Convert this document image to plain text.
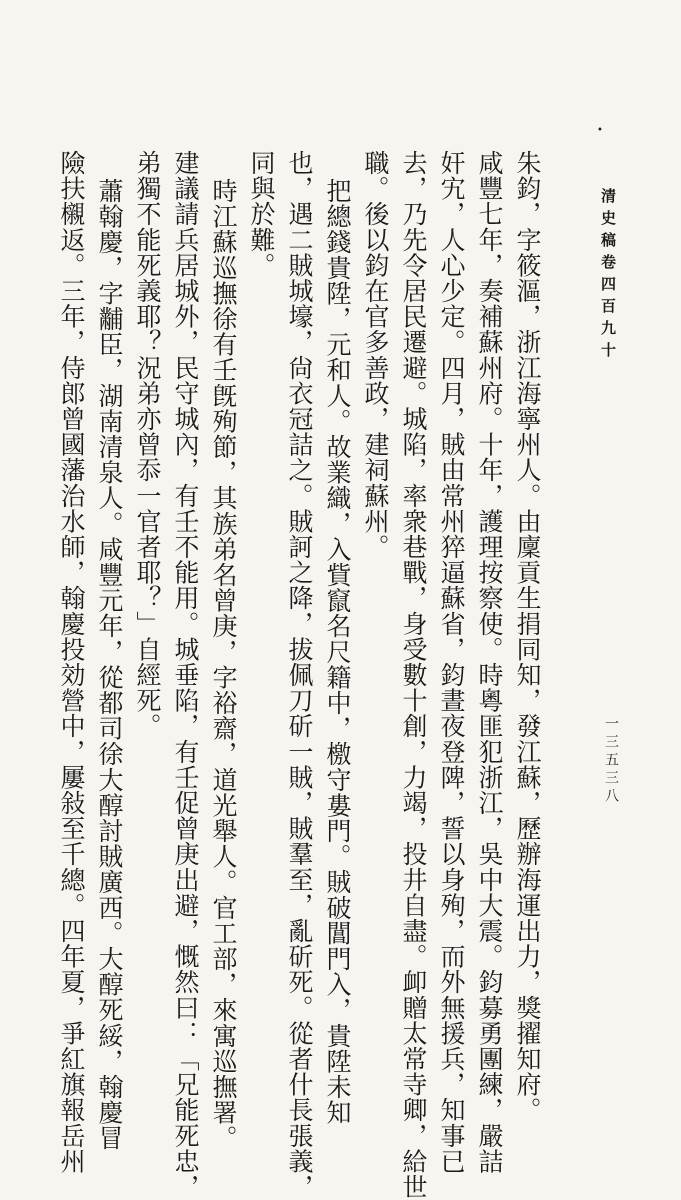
•
清史稿卷四百九十
一三五三八
朱鈞，字筱漚，浙江海寧州人。由廩貢生捐同知，發江蘇，歷辦海運出力，獎擢知府。
咸豐七年，奏補蘇州府。十年，護理按察使。時粵匪犯浙江，吳中大震。鈞募勇團練，嚴詰
奸宄，人心少定。四月，賊由常州猝逼蘇省，鈞晝夜登陴，誓以身殉，而外無援兵，知事已
去，乃先令居民遷避。城陷，率衆巷戰，身受數十創，力竭，投井自盡。卹贈太常寺卿，給世
職。後以鈞在官多善政，建祠蘇州。
把總錢貴陞，元和人。故業織，入貲竄名尺籍中，檄守婁門。賊破閶門入，貴陞未知
也，遇二賊城壕，尙衣冠詰之。賊訶之降，拔佩刀斫一賊，賊羣至，亂斫死。從者什長張義，
同與於難。
時江蘇巡撫徐有壬旣殉節，其族弟名曾庚，字裕齋，道光舉人。官工部，來寓巡撫署。
建議請兵居城外，民守城內，有壬不能用。城垂陷，有壬促曾庚出避，慨然曰：「兄能死忠，
弟獨不能死義耶？況弟亦曾忝一官者耶？」自經死。
蕭翰慶，字黼臣，湖南清泉人。咸豐元年，從都司徐大醇討賊廣西。大醇死綏，翰慶冒
險扶櫬返。三年，侍郎曾國藩治水師，翰慶投効營中，屢敍至千總。四年夏，爭紅旗報岳州
